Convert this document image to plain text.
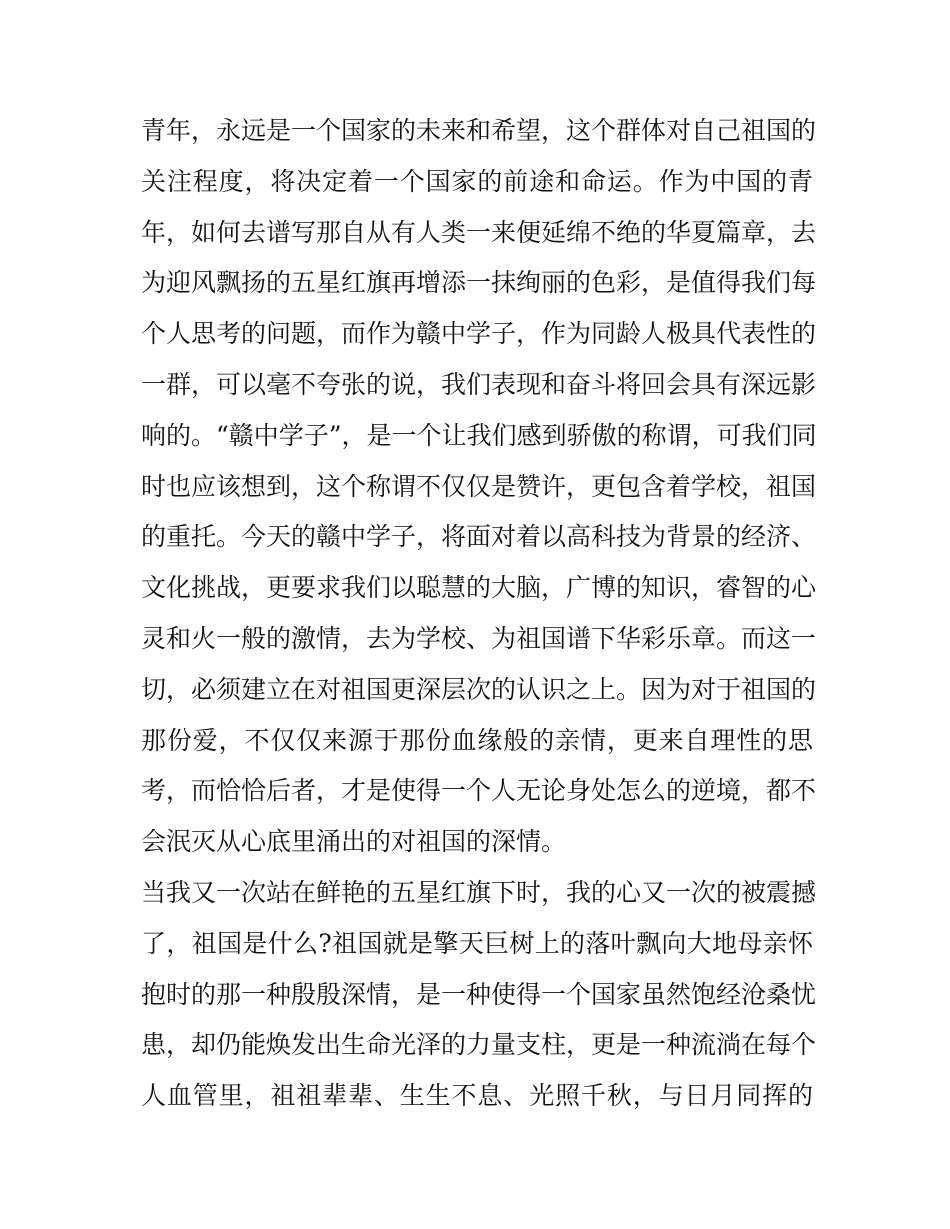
青年，永远是一个国家的未来和希望，这个群体对自己祖国的
关注程度，将决定着一个国家的前途和命运。作为中国的青
年，如何去谱写那自从有人类一来便延绵不绝的华夏篇章，去
为迎风飘扬的五星红旗再增添一抹绚丽的色彩，是值得我们每
个人思考的问题，而作为赣中学子，作为同龄人极具代表性的
一群，可以毫不夸张的说，我们表现和奋斗将回会具有深远影
响的。“赣中学子”，是一个让我们感到骄傲的称谓，可我们同
时也应该想到，这个称谓不仅仅是赞许，更包含着学校，祖国
的重托。今天的赣中学子，将面对着以高科技为背景的经济、
文化挑战，更要求我们以聪慧的大脑，广博的知识，睿智的心
灵和火一般的激情，去为学校、为祖国谱下华彩乐章。而这一
切，必须建立在对祖国更深层次的认识之上。因为对于祖国的
那份爱，不仅仅来源于那份血缘般的亲情，更来自理性的思
考，而恰恰后者，才是使得一个人无论身处怎么的逆境，都不
会泯灭从心底里涌出的对祖国的深情。
当我又一次站在鲜艳的五星红旗下时，我的心又一次的被震撼
了，祖国是什么?祖国就是擎天巨树上的落叶飘向大地母亲怀
抱时的那一种殷殷深情，是一种使得一个国家虽然饱经沧桑忧
患，却仍能焕发出生命光泽的力量支柱，更是一种流淌在每个
人血管里，祖祖辈辈、生生不息、光照千秋，与日月同挥的
